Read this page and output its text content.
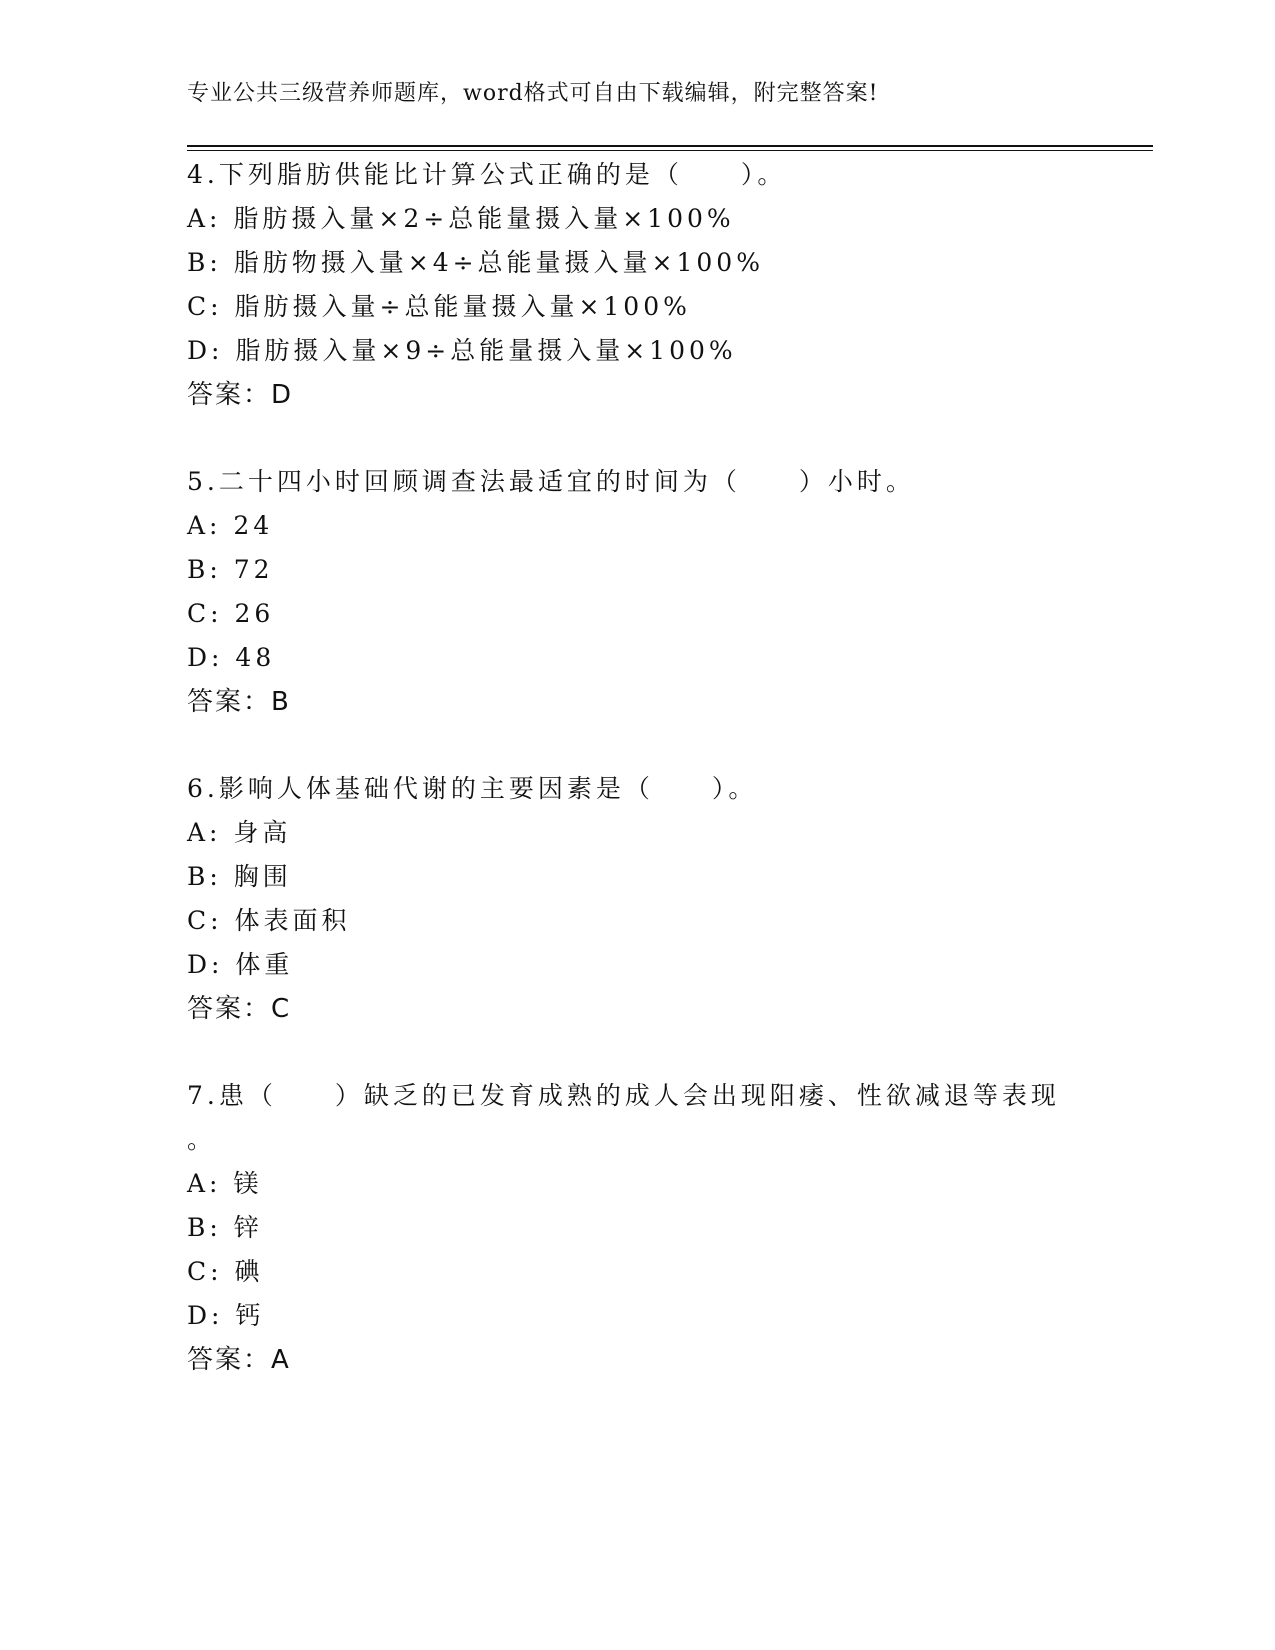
专业公共三级营养师题库，word格式可自由下载编辑，附完整答案!
4.下列脂肪供能比计算公式正确的是（　　）。
A: 脂肪摄入量×2÷总能量摄入量×100%
B: 脂肪物摄入量×4÷总能量摄入量×100%
C: 脂肪摄入量÷总能量摄入量×100%
D: 脂肪摄入量×9÷总能量摄入量×100%
答案：D
5.二十四小时回顾调查法最适宜的时间为（　　）小时。
A: 24
B: 72
C: 26
D: 48
答案：B
6.影响人体基础代谢的主要因素是（　　）。
A: 身高
B: 胸围
C: 体表面积
D: 体重
答案：C
7.患（　　）缺乏的已发育成熟的成人会出现阳痿、性欲减退等表现
。
A: 镁
B: 锌
C: 碘
D: 钙
答案：A
